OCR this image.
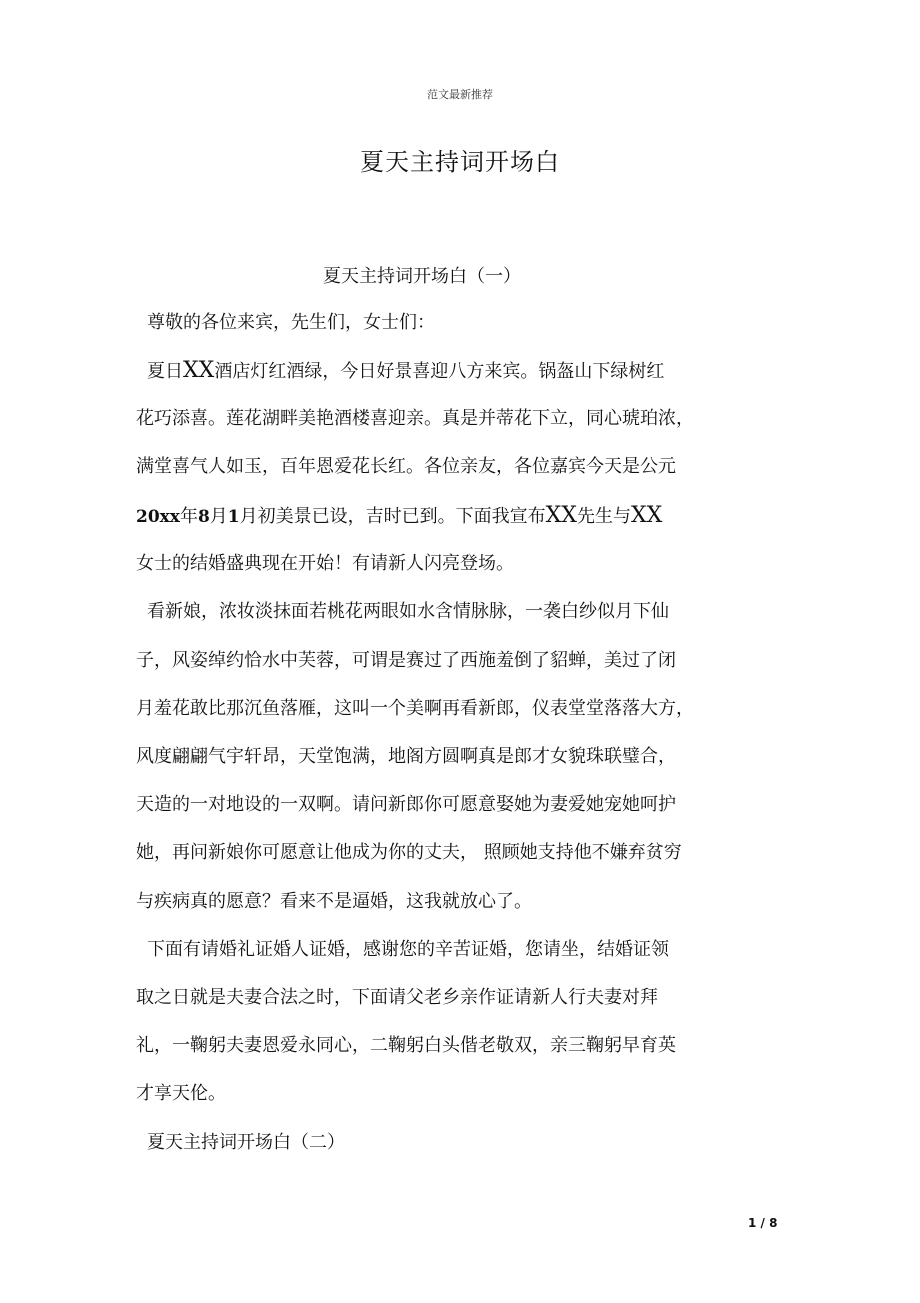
范文最新推荐
夏天主持词开场白
夏天主持词开场白（一）
尊敬的各位来宾，先生们，女士们：
夏日XX酒店灯红酒绿，今日好景喜迎八方来宾。锅盔山下绿树红
花巧添喜。莲花湖畔美艳酒楼喜迎亲。真是并蒂花下立，同心琥珀浓，
满堂喜气人如玉，百年恩爱花长红。各位亲友，各位嘉宾今天是公元
20xx年8月1月初美景已设，吉时已到。下面我宣布XX先生与XX
女士的结婚盛典现在开始！有请新人闪亮登场。
看新娘，浓妆淡抹面若桃花两眼如水含情脉脉，一袭白纱似月下仙
子，风姿绰约恰水中芙蓉，可谓是赛过了西施羞倒了貂蝉，美过了闭
月羞花敢比那沉鱼落雁，这叫一个美啊再看新郎，仪表堂堂落落大方，
风度翩翩气宇轩昂，天堂饱满，地阁方圆啊真是郎才女貌珠联璧合，
天造的一对地设的一双啊。请问新郎你可愿意娶她为妻爱她宠她呵护
她，再问新娘你可愿意让他成为你的丈夫， 照顾她支持他不嫌弃贫穷
与疾病真的愿意？看来不是逼婚，这我就放心了。
下面有请婚礼证婚人证婚，感谢您的辛苦证婚，您请坐，结婚证领
取之日就是夫妻合法之时，下面请父老乡亲作证请新人行夫妻对拜
礼，一鞠躬夫妻恩爱永同心，二鞠躬白头偕老敬双，亲三鞠躬早育英
才享天伦。
夏天主持词开场白（二）
1 / 8
